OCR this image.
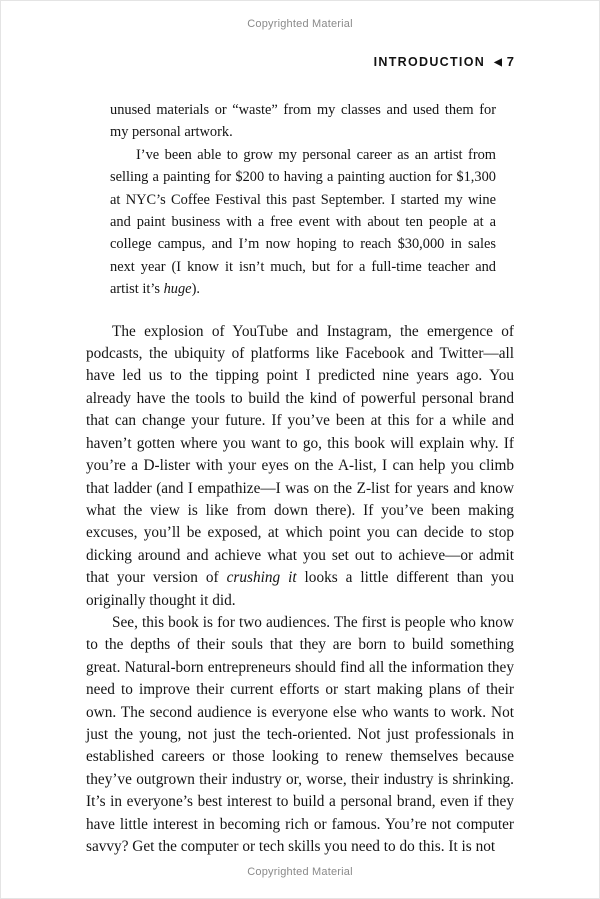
Copyrighted Material
INTRODUCTION ◀ 7

unused materials or “waste” from my classes and used them for my personal artwork.

I’ve been able to grow my personal career as an artist from selling a painting for $200 to having a painting auction for $1,300 at NYC’s Coffee Festival this past September. I started my wine and paint business with a free event with about ten people at a college campus, and I’m now hoping to reach $30,000 in sales next year (I know it isn’t much, but for a full-time teacher and artist it’s huge).

The explosion of YouTube and Instagram, the emergence of podcasts, the ubiquity of platforms like Facebook and Twitter—all have led us to the tipping point I predicted nine years ago. You already have the tools to build the kind of powerful personal brand that can change your future. If you’ve been at this for a while and haven’t gotten where you want to go, this book will explain why. If you’re a D-lister with your eyes on the A-list, I can help you climb that ladder (and I empathize—I was on the Z-list for years and know what the view is like from down there). If you’ve been making excuses, you’ll be exposed, at which point you can decide to stop dicking around and achieve what you set out to achieve—or admit that your version of crushing it looks a little different than you originally thought it did.

See, this book is for two audiences. The first is people who know to the depths of their souls that they are born to build something great. Natural-born entrepreneurs should find all the information they need to improve their current efforts or start making plans of their own. The second audience is everyone else who wants to work. Not just the young, not just the tech-oriented. Not just professionals in established careers or those looking to renew themselves because they’ve outgrown their industry or, worse, their industry is shrinking. It’s in everyone’s best interest to build a personal brand, even if they have little interest in becoming rich or famous. You’re not computer savvy? Get the computer or tech skills you need to do this. It is not

Copyrighted Material
